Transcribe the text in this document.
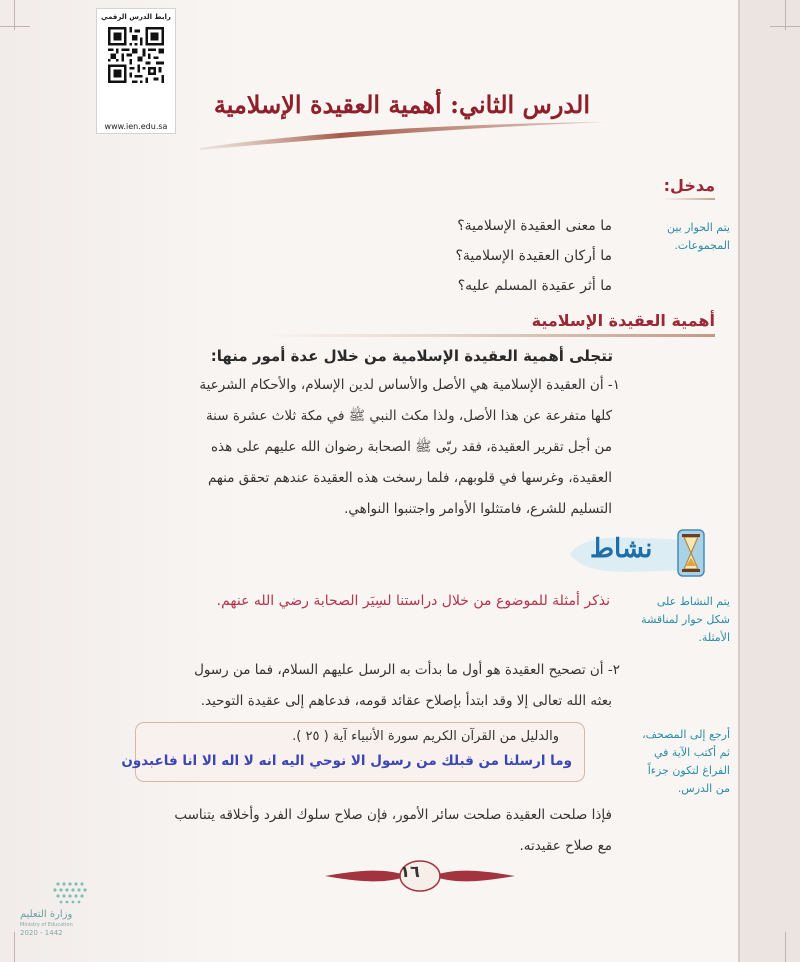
رابط الدرس الرقمي
www.ien.edu.sa
الدرس الثاني: أهمية العقيدة الإسلامية
مدخل:
يتم الحوار بين المجموعات.
ما معنى العقيدة الإسلامية؟
ما أركان العقيدة الإسلامية؟
ما أثر عقيدة المسلم عليه؟
أهمية العقيدة الإسلامية
تتجلى أهمية العقيدة الإسلامية من خلال عدة أمور منها:
١- أن العقيدة الإسلامية هي الأصل والأساس لدين الإسلام، والأحكام الشرعية
كلها متفرعة عن هذا الأصل، ولذا مكث النبي ﷺ في مكة ثلاث عشرة سنة
من أجل تقرير العقيدة، فقد ربّى ﷺ الصحابة رضوان الله عليهم على هذه
العقيدة، وغرسها في قلوبهم، فلما رسخت هذه العقيدة عندهم تحقق منهم
التسليم للشرع، فامتثلوا الأوامر واجتنبوا النواهي.
نشاط
يتم النشاط على شكل حوار لمناقشة الأمثلة.
نذكر أمثلة للموضوع من خلال دراستنا لسِيَر الصحابة رضي الله عنهم.
٢- أن تصحيح العقيدة هو أول ما بدأت به الرسل عليهم السلام، فما من رسول
بعثه الله تعالى إلا وقد ابتدأ بإصلاح عقائد قومه، فدعاهم إلى عقيدة التوحيد.
أرجع إلى المصحف، ثم أكتب الآية في الفراغ لتكون جزءاً من الدرس.
والدليل من القرآن الكريم سورة الأنبياء آية ( ٢٥ ).
وما ارسلنا من قبلك من رسول الا نوحي اليه انه لا اله الا انا فاعبدون
فإذا صلحت العقيدة صلحت سائر الأمور، فإن صلاح سلوك الفرد وأخلاقه يتناسب
مع صلاح عقيدته.
١٦
وزارة التعليم
Ministry of Education
2020 - 1442
